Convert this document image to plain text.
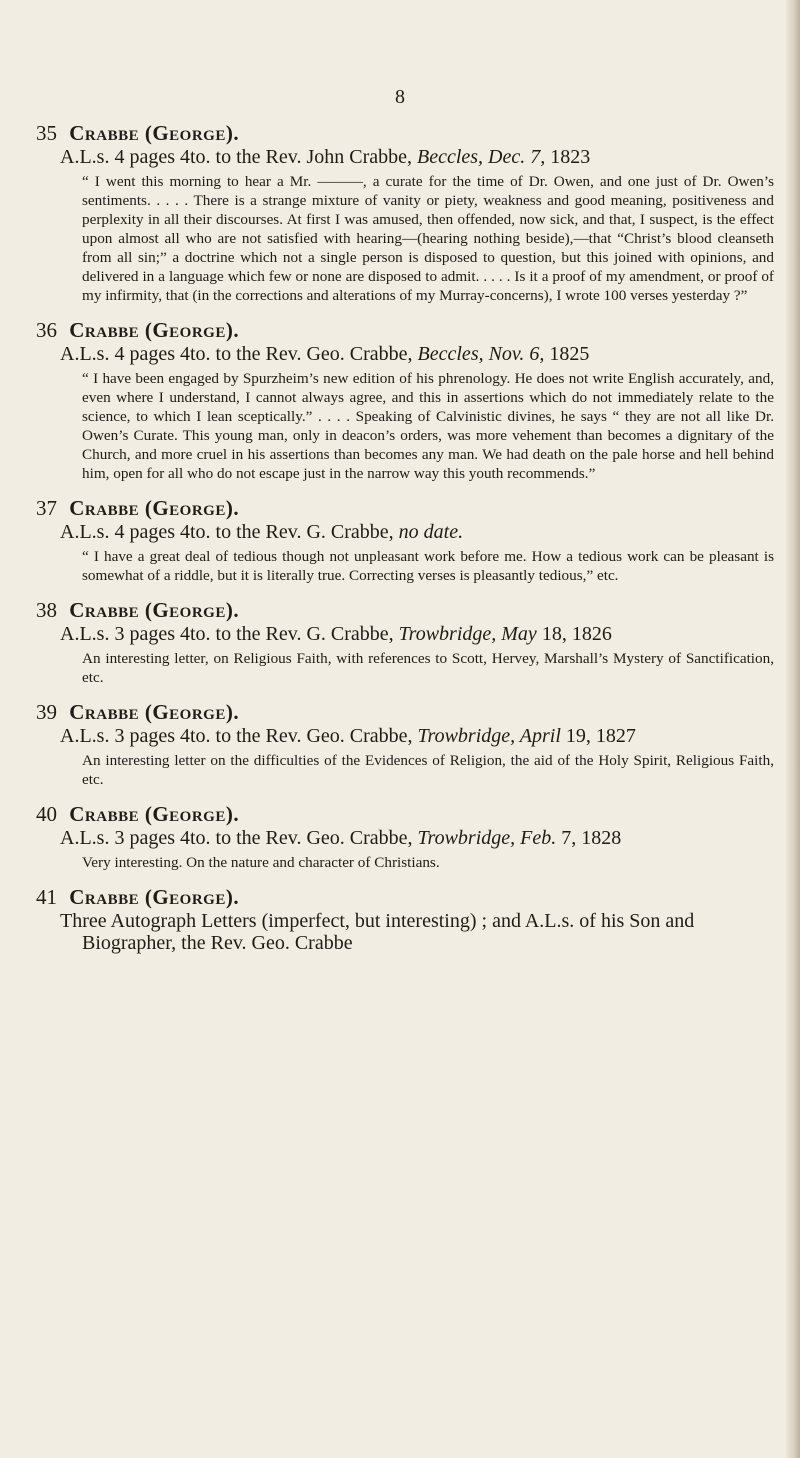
8
35 Crabbe (George).
A.L.s. 4 pages 4to. to the Rev. John Crabbe, Beccles, Dec. 7, 1823
“ I went this morning to hear a Mr. ———, a curate for the time of Dr. Owen, and one just of Dr. Owen’s sentiments. . . . . There is a strange mixture of vanity or piety, weakness and good meaning, positiveness and perplexity in all their discourses. At first I was amused, then offended, now sick, and that, I suspect, is the effect upon almost all who are not satisfied with hearing—(hearing nothing beside),—that “Christ’s blood cleanseth from all sin;” a doctrine which not a single person is disposed to question, but this joined with opinions, and delivered in a language which few or none are disposed to admit. . . . . Is it a proof of my amendment, or proof of my infirmity, that (in the corrections and alterations of my Murray-concerns), I wrote 100 verses yesterday ?”
36 Crabbe (George).
A.L.s. 4 pages 4to. to the Rev. Geo. Crabbe, Beccles, Nov. 6, 1825
“ I have been engaged by Spurzheim’s new edition of his phrenology. He does not write English accurately, and, even where I understand, I cannot always agree, and this in assertions which do not immediately relate to the science, to which I lean sceptically.” . . . . Speaking of Calvinistic divines, he says “ they are not all like Dr. Owen’s Curate. This young man, only in deacon’s orders, was more vehement than becomes a dignitary of the Church, and more cruel in his assertions than becomes any man. We had death on the pale horse and hell behind him, open for all who do not escape just in the narrow way this youth recommends.”
37 Crabbe (George).
A.L.s. 4 pages 4to. to the Rev. G. Crabbe, no date.
“ I have a great deal of tedious though not unpleasant work before me. How a tedious work can be pleasant is somewhat of a riddle, but it is literally true. Correcting verses is pleasantly tedious,” etc.
38 Crabbe (George).
A.L.s. 3 pages 4to. to the Rev. G. Crabbe, Trowbridge, May 18, 1826
An interesting letter, on Religious Faith, with references to Scott, Hervey, Marshall’s Mystery of Sanctification, etc.
39 Crabbe (George).
A.L.s. 3 pages 4to. to the Rev. Geo. Crabbe, Trowbridge, April 19, 1827
An interesting letter on the difficulties of the Evidences of Religion, the aid of the Holy Spirit, Religious Faith, etc.
40 Crabbe (George).
A.L.s. 3 pages 4to. to the Rev. Geo. Crabbe, Trowbridge, Feb. 7, 1828
Very interesting. On the nature and character of Christians.
41 Crabbe (George).
Three Autograph Letters (imperfect, but interesting) ; and A.L.s. of his Son and Biographer, the Rev. Geo. Crabbe
